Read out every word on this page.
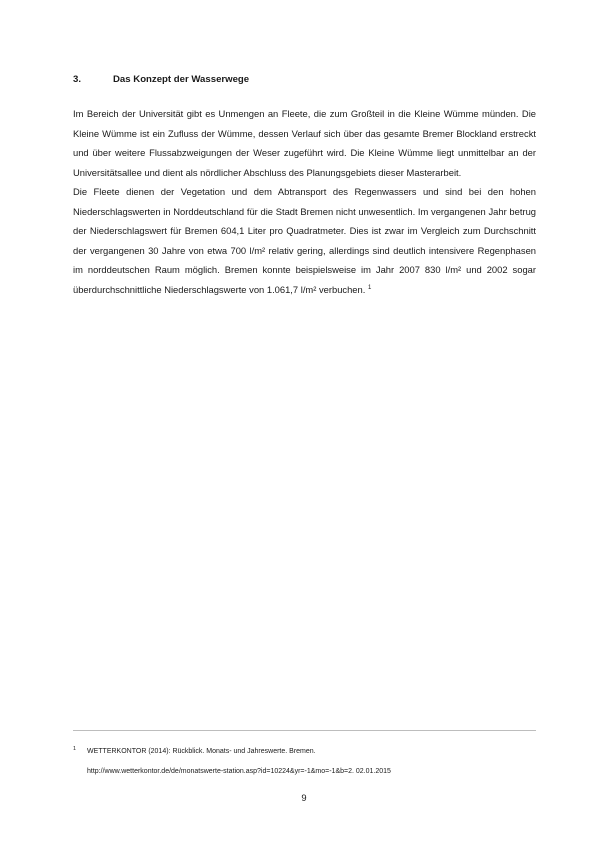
3.	Das Konzept der Wasserwege

Im Bereich der Universität gibt es Unmengen an Fleete, die zum Großteil in die Kleine Wümme münden. Die Kleine Wümme ist ein Zufluss der Wümme, dessen Verlauf sich über das gesamte Bremer Blockland erstreckt und über weitere Flussabzweigungen der Weser zugeführt wird. Die Kleine Wümme liegt unmittelbar an der Universitätsallee und dient als nördlicher Abschluss des Planungsgebiets dieser Masterarbeit.

Die Fleete dienen der Vegetation und dem Abtransport des Regenwassers und sind bei den hohen Niederschlagswerten in Norddeutschland für die Stadt Bremen nicht unwesentlich. Im vergangenen Jahr betrug der Niederschlagswert für Bremen 604,1 Liter pro Quadratmeter. Dies ist zwar im Vergleich zum Durchschnitt der vergangenen 30 Jahre von etwa 700 l/m² relativ gering, allerdings sind deutlich intensivere Regenphasen im norddeutschen Raum möglich. Bremen konnte beispielsweise im Jahr 2007 830 l/m² und 2002 sogar überdurchschnittliche Niederschlagswerte von 1.061,7 l/m² verbuchen. $^1$

1 WETTERKONTOR (2014): Rückblick. Monats- und Jahreswerte. Bremen.
http://www.wetterkontor.de/de/monatswerte-station.asp?id=10224&yr=-1&mo=-1&b=2. 02.01.2015
9
